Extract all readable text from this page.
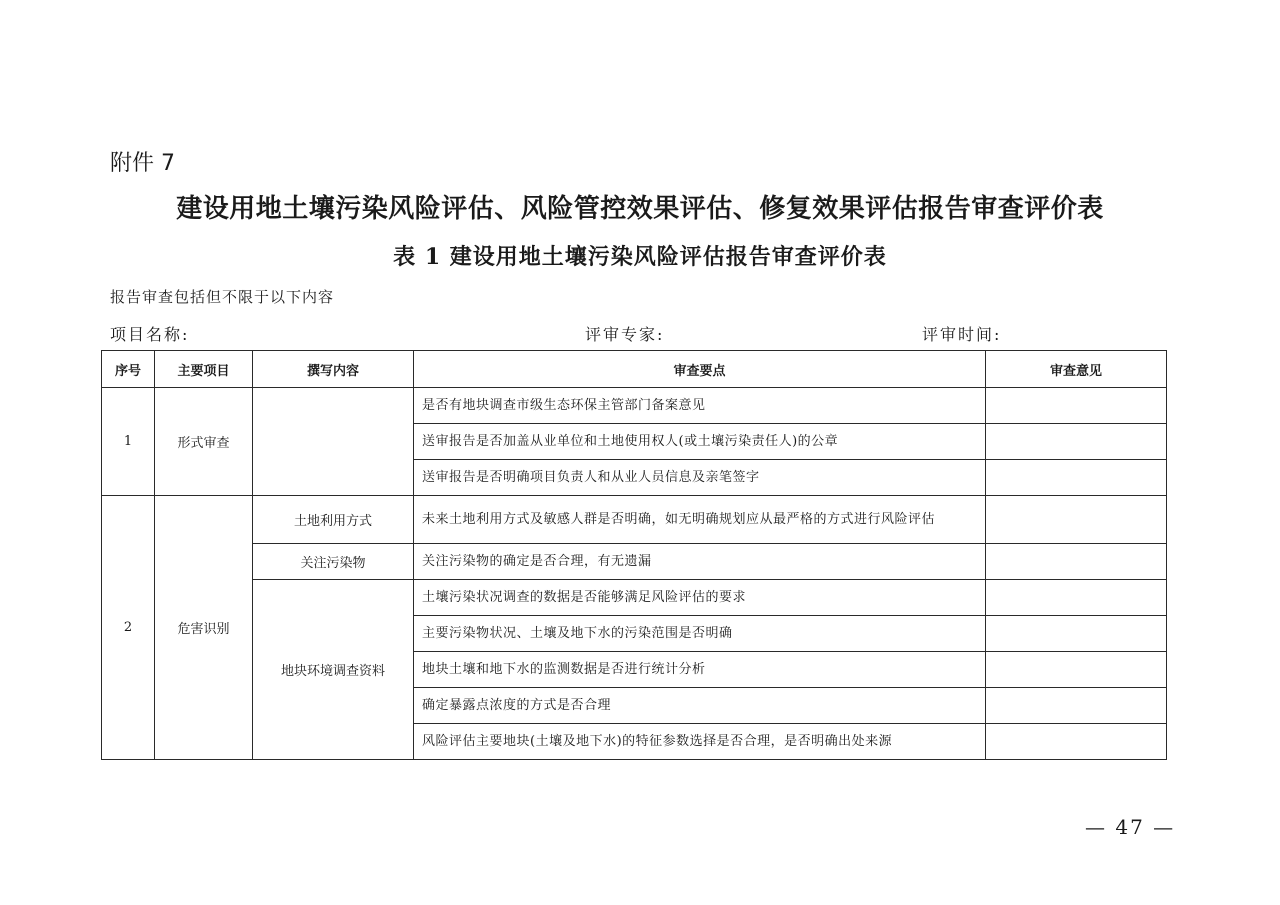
附件 7
建设用地土壤污染风险评估、风险管控效果评估、修复效果评估报告审查评价表
表 1 建设用地土壤污染风险评估报告审查评价表
报告审查包括但不限于以下内容
项目名称:	评审专家:	评审时间:
序号	主要项目	撰写内容	审查要点	审查意见
1	形式审查		是否有地块调查市级生态环保主管部门备案意见	
			送审报告是否加盖从业单位和土地使用权人(或土壤污染责任人)的公章	
			送审报告是否明确项目负责人和从业人员信息及亲笔签字	
2	危害识别	土地利用方式	未来土地利用方式及敏感人群是否明确，如无明确规划应从最严格的方式进行风险评估	
		关注污染物	关注污染物的确定是否合理，有无遗漏	
		地块环境调查资料	土壤污染状况调查的数据是否能够满足风险评估的要求	
			主要污染物状况、土壤及地下水的污染范围是否明确	
			地块土壤和地下水的监测数据是否进行统计分析	
			确定暴露点浓度的方式是否合理	
			风险评估主要地块(土壤及地下水)的特征参数选择是否合理，是否明确出处来源	
— 47 —
